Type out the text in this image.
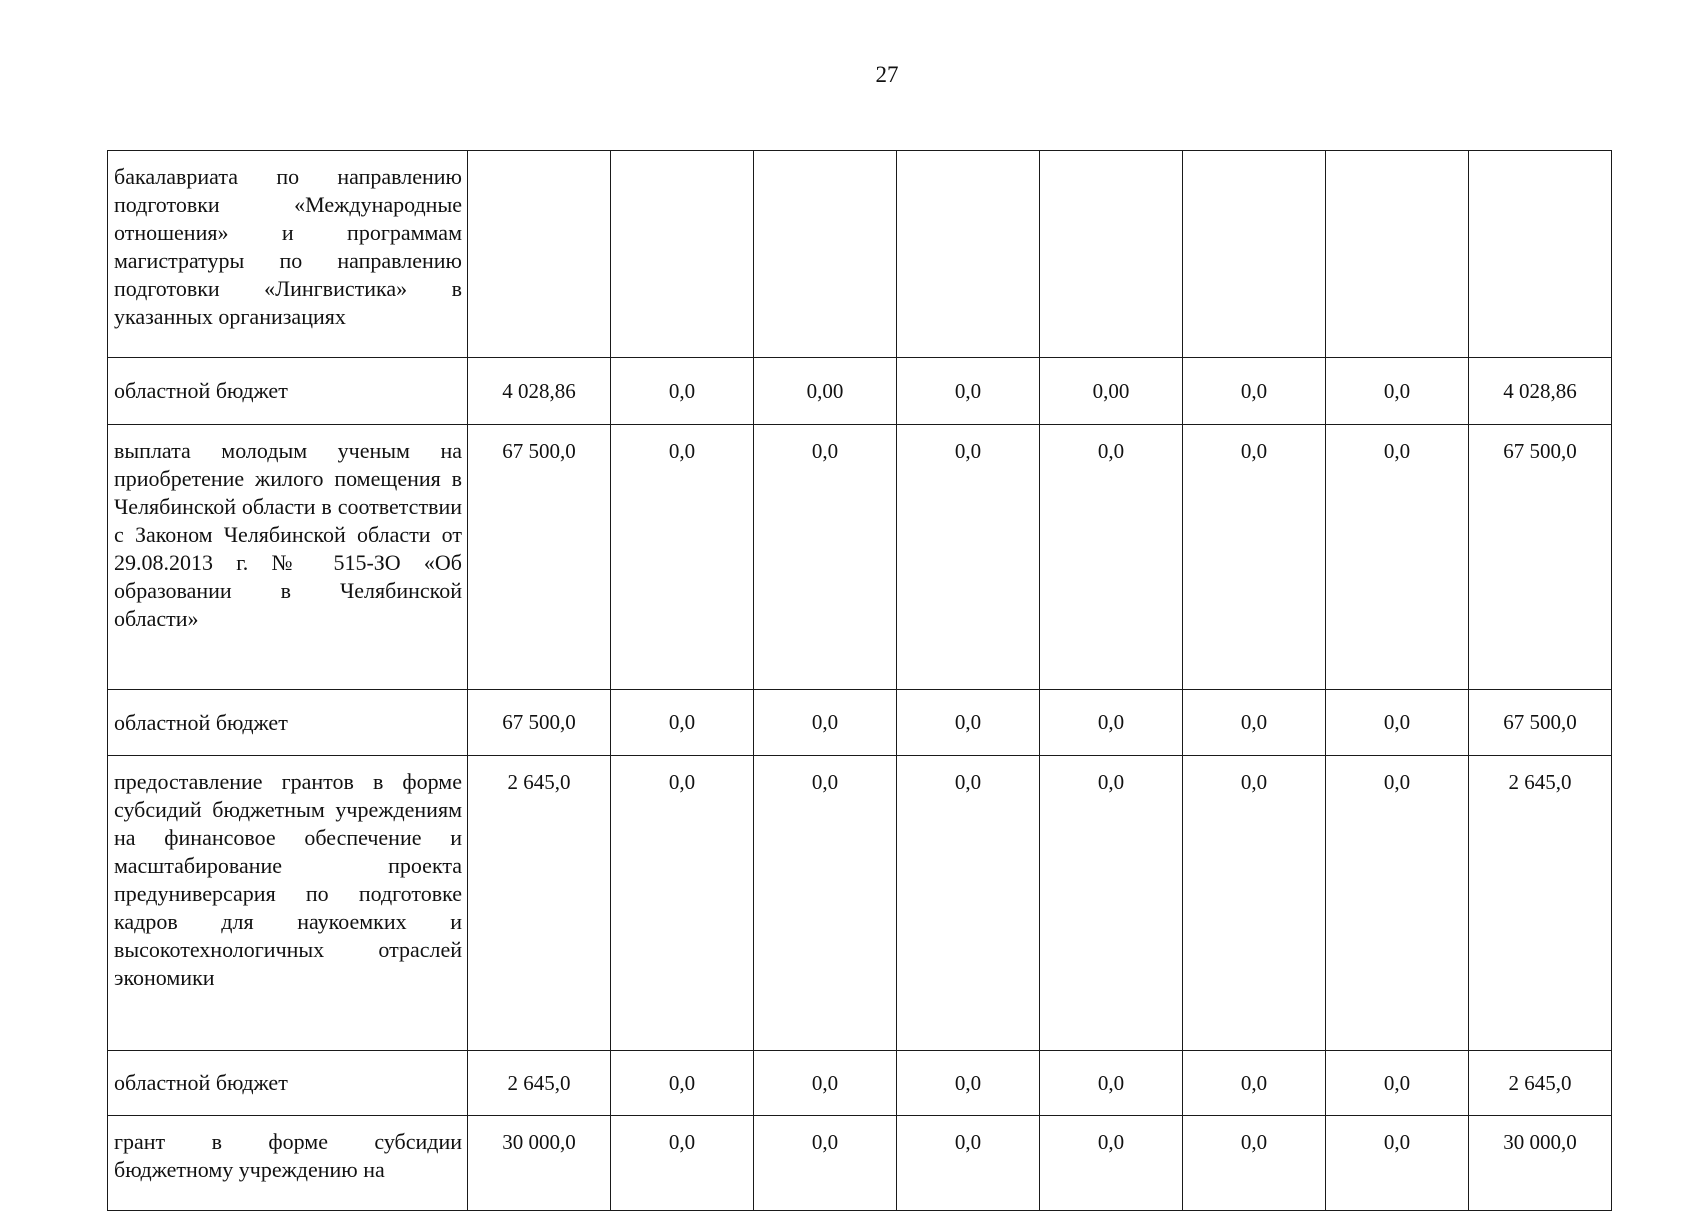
27
бакалавриата по направлению подготовки «Международные отношения» и программам магистратуры по направлению подготовки «Лингвистика» в указанных организациях								
областной бюджет	4 028,86	0,0	0,00	0,0	0,00	0,0	0,0	4 028,86
выплата молодым ученым на приобретение жилого помещения в Челябинской области в соответствии с Законом Челябинской области от 29.08.2013 г. № 515-ЗО «Об образовании в Челябинской области»	67 500,0	0,0	0,0	0,0	0,0	0,0	0,0	67 500,0
областной бюджет	67 500,0	0,0	0,0	0,0	0,0	0,0	0,0	67 500,0
предоставление грантов в форме субсидий бюджетным учреждениям на финансовое обеспечение и масштабирование проекта предуниверсария по подготовке кадров для наукоемких и высокотехнологичных отраслей экономики	2 645,0	0,0	0,0	0,0	0,0	0,0	0,0	2 645,0
областной бюджет	2 645,0	0,0	0,0	0,0	0,0	0,0	0,0	2 645,0
грант в форме субсидии бюджетному учреждению на	30 000,0	0,0	0,0	0,0	0,0	0,0	0,0	30 000,0
